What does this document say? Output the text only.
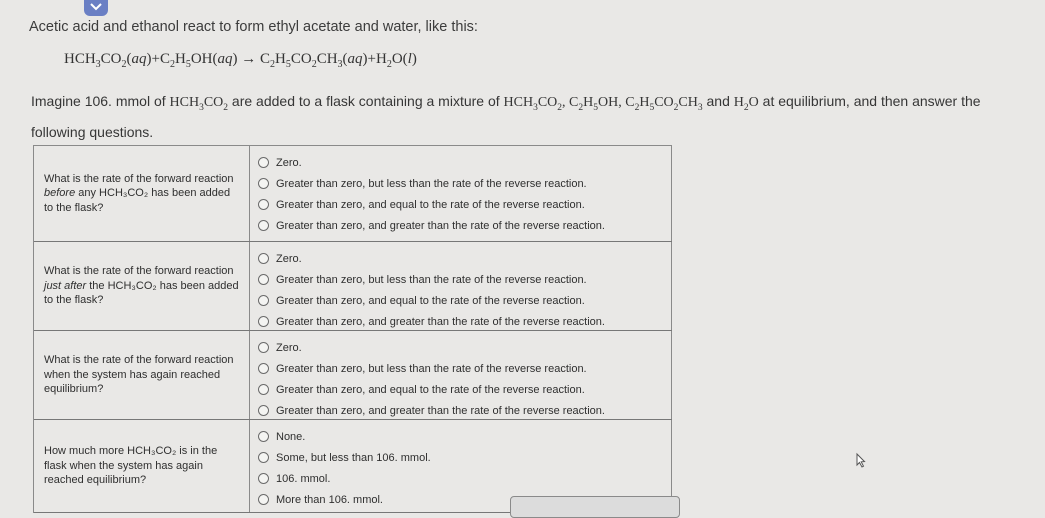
Acetic acid and ethanol react to form ethyl acetate and water, like this:
$HCH_3CO_2(aq)+C_2H_5OH(aq) \to C_2H_5CO_2CH_3(aq)+H_2O(l)$
Imagine 106. mmol of $HCH_3CO_2$ are added to a flask containing a mixture of $HCH_3CO_2$, $C_2H_5OH$, $C_2H_5CO_2CH_3$ and $H_2O$ at equilibrium, and then answer the following questions.
What is the rate of the forward reaction before any HCH₃CO₂ has been added to the flask?
Zero.
Greater than zero, but less than the rate of the reverse reaction.
Greater than zero, and equal to the rate of the reverse reaction.
Greater than zero, and greater than the rate of the reverse reaction.
What is the rate of the forward reaction just after the HCH₃CO₂ has been added to the flask?
Zero.
Greater than zero, but less than the rate of the reverse reaction.
Greater than zero, and equal to the rate of the reverse reaction.
Greater than zero, and greater than the rate of the reverse reaction.
What is the rate of the forward reaction when the system has again reached equilibrium?
Zero.
Greater than zero, but less than the rate of the reverse reaction.
Greater than zero, and equal to the rate of the reverse reaction.
Greater than zero, and greater than the rate of the reverse reaction.
How much more HCH₃CO₂ is in the flask when the system has again reached equilibrium?
None.
Some, but less than 106. mmol.
106. mmol.
More than 106. mmol.
